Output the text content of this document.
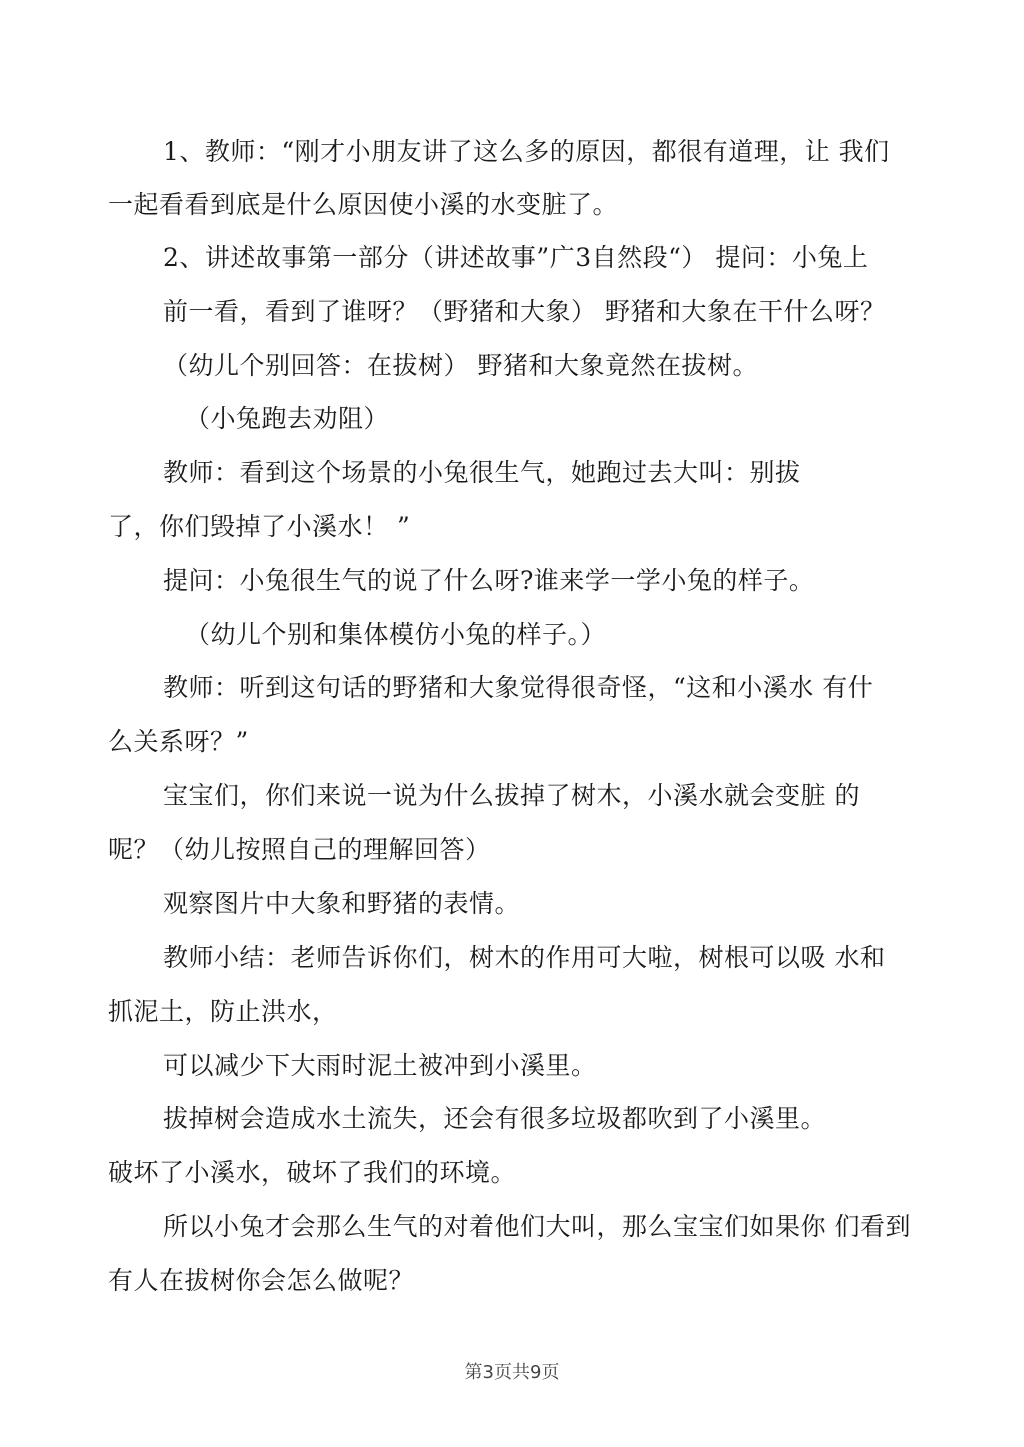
1、教师：“刚才小朋友讲了这么多的原因，都很有道理，让 我们
一起看看到底是什么原因使小溪的水变脏了。
2、讲述故事第一部分（讲述故事”广3自然段“） 提问：小兔上
前一看，看到了谁呀？（野猪和大象） 野猪和大象在干什么呀？
（幼儿个别回答：在拔树） 野猪和大象竟然在拔树。
（小兔跑去劝阻）
教师：看到这个场景的小兔很生气，她跑过去大叫：别拔
了，你们毁掉了小溪水！ ”
提问：小兔很生气的说了什么呀?谁来学一学小兔的样子。
（幼儿个别和集体模仿小兔的样子。）
教师：听到这句话的野猪和大象觉得很奇怪，“这和小溪水 有什
么关系呀？”
宝宝们，你们来说一说为什么拔掉了树木，小溪水就会变脏 的
呢？（幼儿按照自己的理解回答）
观察图片中大象和野猪的表情。
教师小结：老师告诉你们，树木的作用可大啦，树根可以吸 水和
抓泥土，防止洪水，
可以减少下大雨时泥土被冲到小溪里。
拔掉树会造成水土流失，还会有很多垃圾都吹到了小溪里。
破坏了小溪水，破坏了我们的环境。
所以小兔才会那么生气的对着他们大叫，那么宝宝们如果你 们看到
有人在拔树你会怎么做呢？
第3页共9页
